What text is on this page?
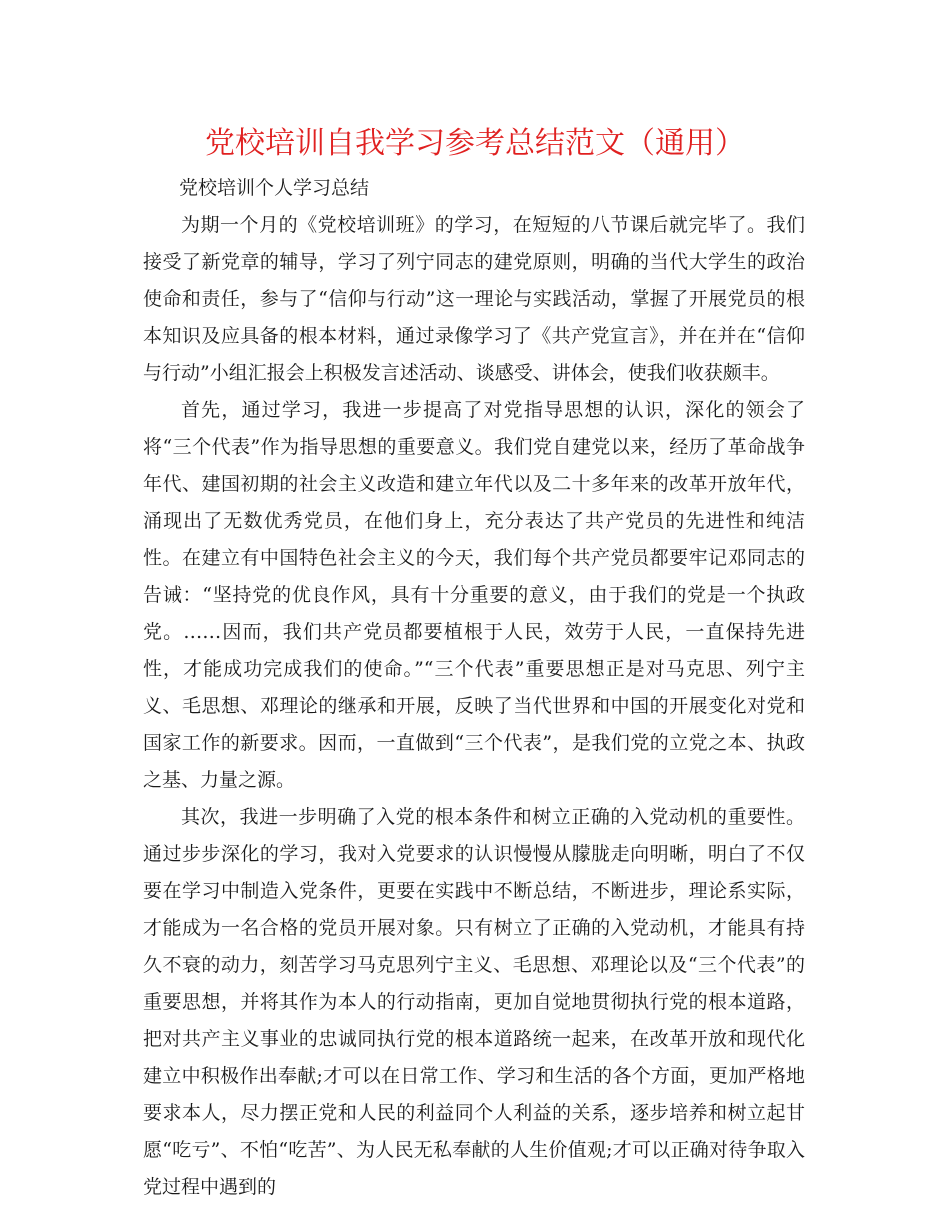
党校培训自我学习参考总结范文（通用）

党校培训个人学习总结

为期一个月的《党校培训班》的学习，在短短的八节课后就完毕了。我们接受了新党章的辅导，学习了列宁同志的建党原则，明确的当代大学生的政治使命和责任，参与了“信仰与行动”这一理论与实践活动，掌握了开展党员的根本知识及应具备的根本材料，通过录像学习了《共产党宣言》，并在并在“信仰与行动”小组汇报会上积极发言述活动、谈感受、讲体会，使我们收获颇丰。

首先，通过学习，我进一步提高了对党指导思想的认识，深化的领会了将“三个代表”作为指导思想的重要意义。我们党自建党以来，经历了革命战争年代、建国初期的社会主义改造和建立年代以及二十多年来的改革开放年代，涌现出了无数优秀党员，在他们身上，充分表达了共产党员的先进性和纯洁性。在建立有中国特色社会主义的今天，我们每个共产党员都要牢记邓同志的告诫：“坚持党的优良作风，具有十分重要的意义，由于我们的党是一个执政党。……因而，我们共产党员都要植根于人民，效劳于人民，一直保持先进性，才能成功完成我们的使命。”“三个代表”重要思想正是对马克思、列宁主义、毛思想、邓理论的继承和开展，反映了当代世界和中国的开展变化对党和国家工作的新要求。因而，一直做到“三个代表”，是我们党的立党之本、执政之基、力量之源。

其次，我进一步明确了入党的根本条件和树立正确的入党动机的重要性。通过步步深化的学习，我对入党要求的认识慢慢从朦胧走向明晰，明白了不仅要在学习中制造入党条件，更要在实践中不断总结，不断进步，理论系实际，才能成为一名合格的党员开展对象。只有树立了正确的入党动机，才能具有持久不衰的动力，刻苦学习马克思列宁主义、毛思想、邓理论以及“三个代表”的重要思想，并将其作为本人的行动指南，更加自觉地贯彻执行党的根本道路，把对共产主义事业的忠诚同执行党的根本道路统一起来，在改革开放和现代化建立中积极作出奉献;才可以在日常工作、学习和生活的各个方面，更加严格地要求本人，尽力摆正党和人民的利益同个人利益的关系，逐步培养和树立起甘愿“吃亏”、不怕“吃苦”、为人民无私奉献的人生价值观;才可以正确对待争取入党过程中遇到的
